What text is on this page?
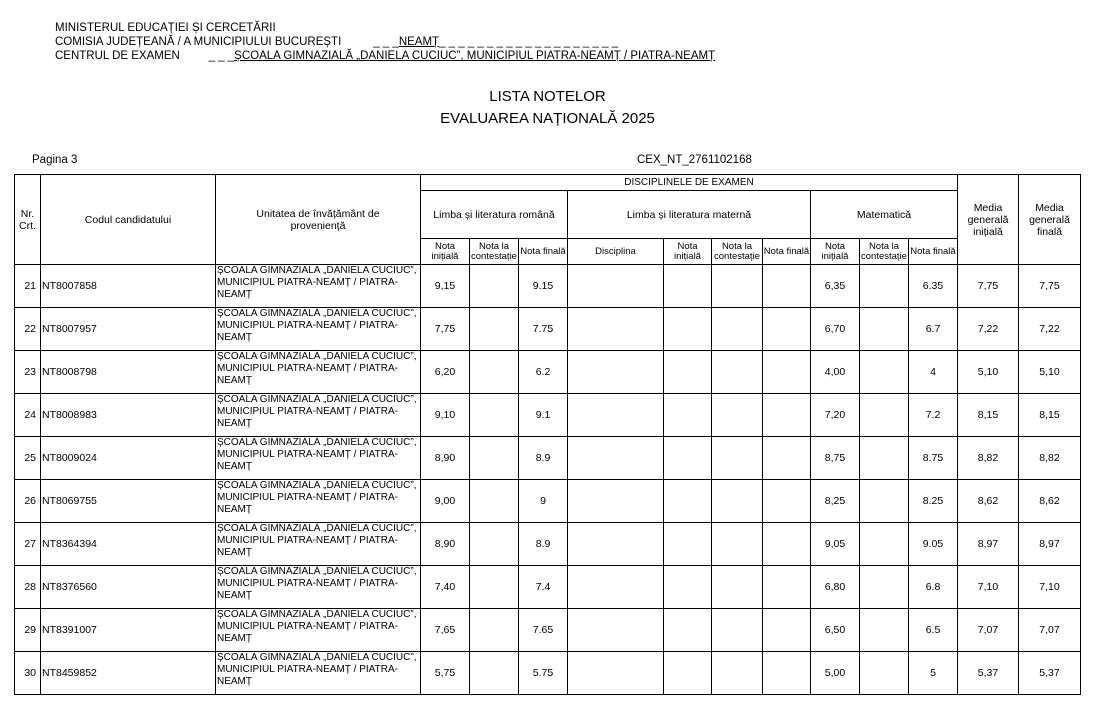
MINISTERUL EDUCAȚIEI ȘI CERCETĂRII
COMISIA JUDEȚEANĂ / A MUNICIPIULUI BUCUREȘTI          _ _ _NEAMȚ_ _ _ _ _ _ _ _ _ _ _ _ _ _ _ _ _ _ _
CENTRUL DE EXAMEN         _ _ _ȘCOALA GIMNAZIALĂ „DANIELA CUCIUC”, MUNICIPIUL PIATRA-NEAMȚ / PIATRA-NEAMȚ
LISTA NOTELOR
EVALUAREA NAȚIONALĂ 2025
Pagina 3	CEX_NT_2761102168
Nr. Crt.	Codul candidatului	Unitatea de învățământ de proveniență	DISCIPLINELE DE EXAMEN										Media generală inițială	Media generală finală
			Limba și literatura română			Limba și literatura maternă				Matematică				
			Nota inițială	Nota la contestație	Nota finală	Disciplina	Nota inițială	Nota la contestație	Nota finală	Nota inițială	Nota la contestație	Nota finală		
21	NT8007858	ȘCOALA GIMNAZIALĂ „DANIELA CUCIUC”, MUNICIPIUL PIATRA-NEAMȚ / PIATRA-NEAMȚ	9,15		9.15					6,35		6.35	7,75	7,75
22	NT8007957	ȘCOALA GIMNAZIALĂ „DANIELA CUCIUC”, MUNICIPIUL PIATRA-NEAMȚ / PIATRA-NEAMȚ	7,75		7.75					6,70		6.7	7,22	7,22
23	NT8008798	ȘCOALA GIMNAZIALĂ „DANIELA CUCIUC”, MUNICIPIUL PIATRA-NEAMȚ / PIATRA-NEAMȚ	6,20		6.2					4,00		4	5,10	5,10
24	NT8008983	ȘCOALA GIMNAZIALĂ „DANIELA CUCIUC”, MUNICIPIUL PIATRA-NEAMȚ / PIATRA-NEAMȚ	9,10		9.1					7,20		7.2	8,15	8,15
25	NT8009024	ȘCOALA GIMNAZIALĂ „DANIELA CUCIUC”, MUNICIPIUL PIATRA-NEAMȚ / PIATRA-NEAMȚ	8,90		8.9					8,75		8.75	8,82	8,82
26	NT8069755	ȘCOALA GIMNAZIALĂ „DANIELA CUCIUC”, MUNICIPIUL PIATRA-NEAMȚ / PIATRA-NEAMȚ	9,00		9					8,25		8.25	8,62	8,62
27	NT8364394	ȘCOALA GIMNAZIALĂ „DANIELA CUCIUC”, MUNICIPIUL PIATRA-NEAMȚ / PIATRA-NEAMȚ	8,90		8.9					9,05		9.05	8,97	8,97
28	NT8376560	ȘCOALA GIMNAZIALĂ „DANIELA CUCIUC”, MUNICIPIUL PIATRA-NEAMȚ / PIATRA-NEAMȚ	7,40		7.4					6,80		6.8	7,10	7,10
29	NT8391007	ȘCOALA GIMNAZIALĂ „DANIELA CUCIUC”, MUNICIPIUL PIATRA-NEAMȚ / PIATRA-NEAMȚ	7,65		7.65					6,50		6.5	7,07	7,07
30	NT8459852	ȘCOALA GIMNAZIALĂ „DANIELA CUCIUC”, MUNICIPIUL PIATRA-NEAMȚ / PIATRA-NEAMȚ	5,75		5.75					5,00		5	5,37	5,37
